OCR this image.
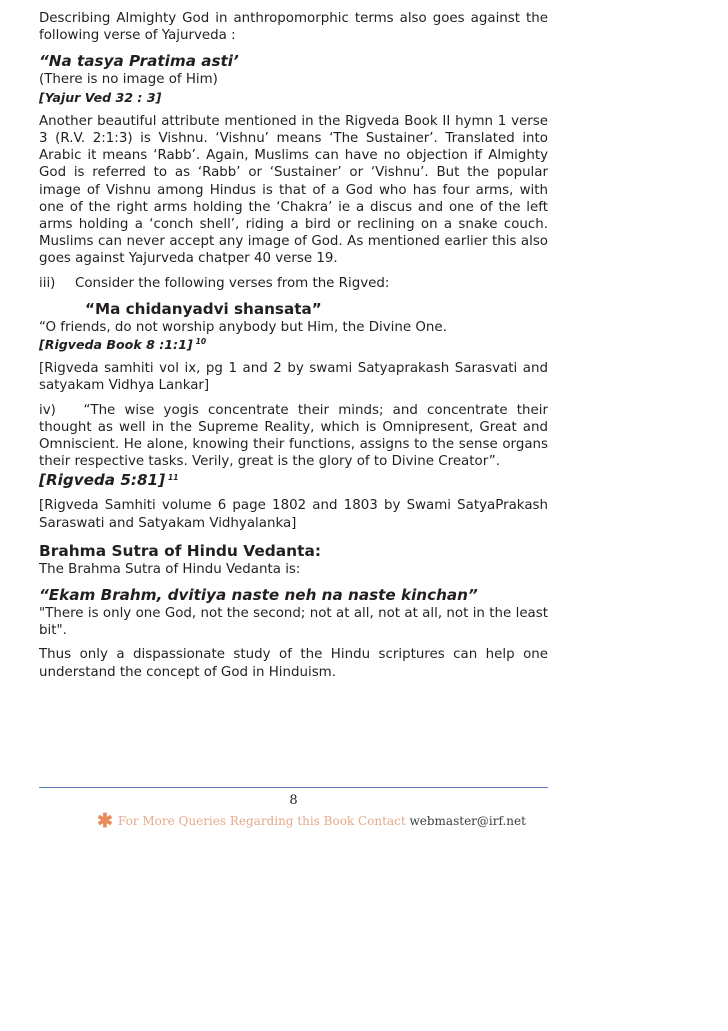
Describing Almighty God in anthropomorphic terms also goes against the following verse of Yajurveda :

“Na tasya Pratima asti’

(There is no image of Him)

[Yajur Ved 32 : 3]

Another beautiful attribute mentioned in the Rigveda Book II hymn 1 verse 3 (R.V. 2:1:3) is Vishnu. ‘Vishnu’ means ‘The Sustainer’. Translated into Arabic it means ‘Rabb’. Again, Muslims can have no objection if Almighty God is referred to as ‘Rabb’ or ‘Sustainer’ or ‘Vishnu’. But the popular image of Vishnu among Hindus is that of a God who has four arms, with one of the right arms holding the ‘Chakra’ ie a discus and one of the left arms holding a ‘conch shell’, riding a bird or reclining on a snake couch. Muslims can never accept any image of God. As mentioned earlier this also goes against Yajurveda chatper 40 verse 19.

iii) Consider the following verses from the Rigved:

“Ma chidanyadvi shansata”

“O friends, do not worship anybody but Him, the Divine One.

[Rigveda Book 8 :1:1] $^{10}$

[Rigveda samhiti vol ix, pg 1 and 2 by swami Satyaprakash Sarasvati and satyakam Vidhya Lankar]

iv) “The wise yogis concentrate their minds; and concentrate their thought as well in the Supreme Reality, which is Omnipresent, Great and Omniscient. He alone, knowing their functions, assigns to the sense organs their respective tasks. Verily, great is the glory of to Divine Creator”.

[Rigveda 5:81] $^{11}$

[Rigveda Samhiti volume 6 page 1802 and 1803 by Swami SatyaPrakash Saraswati and Satyakam Vidhyalanka]

Brahma Sutra of Hindu Vedanta:

The Brahma Sutra of Hindu Vedanta is:

“Ekam Brahm, dvitiya naste neh na naste kinchan”

"There is only one God, not the second; not at all, not at all, not in the least bit".

Thus only a dispassionate study of the Hindu scriptures can help one understand the concept of God in Hinduism.

8
✱ For More Queries Regarding this Book Contact webmaster@irf.net
